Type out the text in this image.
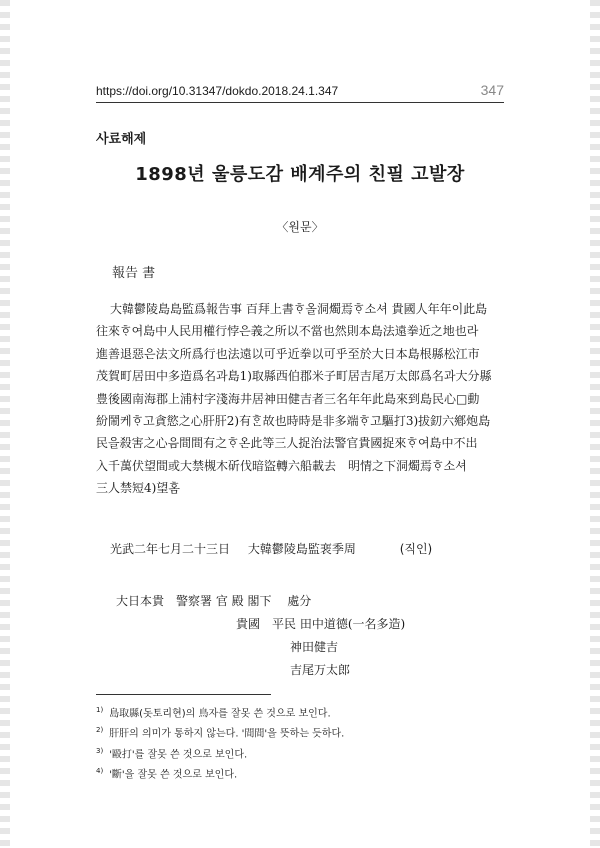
https://doi.org/10.31347/dokdo.2018.24.1.347	347
사료해제
1898년 울릉도감 배계주의 친필 고발장
〈원문〉
報告 書
大韓鬱陵島島監爲報告事 百拜上書ᄒᆞ올洞燭焉ᄒᆞ소셔 貴國人年年이此島
往來ᄒᆞ여島中人民用權行悖은義之所以不當也然則本島法遠拳近之地也라
進善退惡은法文所爲行也法遠以可乎近拳以可乎至於大日本島根縣松江市
茂賀町居田中多造爲名과島1)取縣西伯郡米子町居吉尾万太郎爲名과大分縣
豊後國南海郡上浦村字淺海井居神田健吉者三名年年此島來到島民心□動
紛鬧케ᄒᆞ고貪慾之心肝肝2)有ᄒᆞᆫ故也時時是非多端ᄒᆞ고驅打3)拔釖六鄕炮島
民을殺害之心음間間有之ᄒᆞ온此等三人捉治法警官貴國捉來ᄒᆞ여島中不出
入千萬伏望間或大禁槻木斫伐暗盜轉六船載去　明情之下洞燭焉ᄒᆞ소셔
三人禁短4)望홈
光武二年七月二十三日 大韓鬱陵島監裵季周	(직인)
大日本貴　警察署 官 殿 閣下　 處分
貴國　平民 田中道德(一名多造)
神田健吉
吉尾万太郎
$^{1)}$ 島取縣(돗토리현)의 鳥자를 잘못 쓴 것으로 보인다.
$^{2)}$ 肝肝의 의미가 통하지 않는다. '間間'을 뜻하는 듯하다.
$^{3)}$ '毆打'를 잘못 쓴 것으로 보인다.
$^{4)}$ '斷'을 잘못 쓴 것으로 보인다.
